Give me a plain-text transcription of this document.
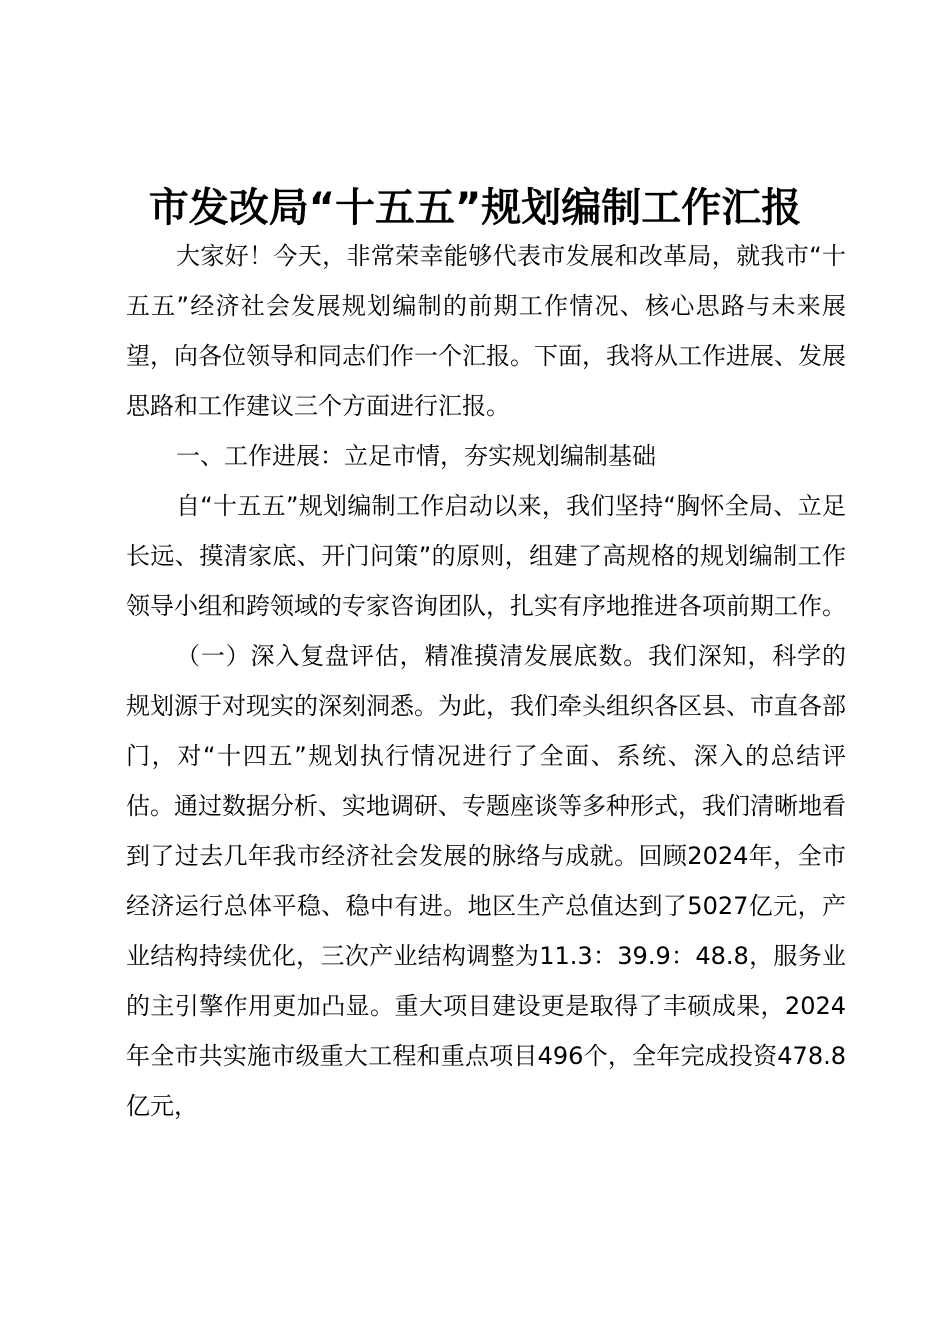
市发改局“十五五”规划编制工作汇报

大家好！今天，非常荣幸能够代表市发展和改革局，就我市“十五五”经济社会发展规划编制的前期工作情况、核心思路与未来展望，向各位领导和同志们作一个汇报。下面，我将从工作进展、发展思路和工作建议三个方面进行汇报。

一、工作进展：立足市情，夯实规划编制基础

自“十五五”规划编制工作启动以来，我们坚持“胸怀全局、立足长远、摸清家底、开门问策”的原则，组建了高规格的规划编制工作领导小组和跨领域的专家咨询团队，扎实有序地推进各项前期工作。

（一）深入复盘评估，精准摸清发展底数。我们深知，科学的规划源于对现实的深刻洞悉。为此，我们牵头组织各区县、市直各部门，对“十四五”规划执行情况进行了全面、系统、深入的总结评估。通过数据分析、实地调研、专题座谈等多种形式，我们清晰地看到了过去几年我市经济社会发展的脉络与成就。回顾2024年，全市经济运行总体平稳、稳中有进。地区生产总值达到了5027亿元，产业结构持续优化，三次产业结构调整为11.3：39.9：48.8，服务业的主引擎作用更加凸显。重大项目建设更是取得了丰硕成果，2024年全市共实施市级重大工程和重点项目496个，全年完成投资478.8亿元，
